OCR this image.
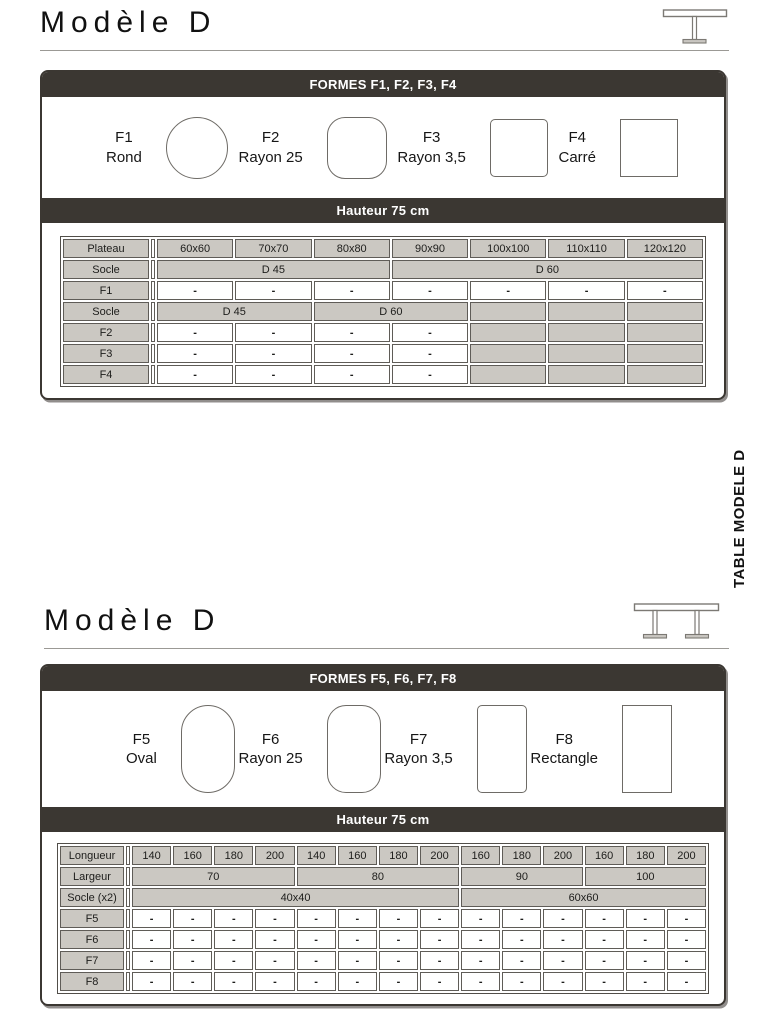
Modèle D
FORMES F1, F2, F3, F4
F1
Rond
F2
Rayon 25
F3
Rayon 3,5
F4
Carré
Hauteur 75 cm
Plateau		60x60	70x70	80x80	90x90	100x100	110x110	120x120
Socle		D 45			D 60			
F1		-	-	-	-	-	-	-
Socle		D 45		D 60				
F2		-	-	-	-			
F3		-	-	-	-			
F4		-	-	-	-			
TABLE MODELE D
Modèle D
FORMES F5, F6, F7, F8
F5
Oval
F6
Rayon 25
F7
Rayon 3,5
F8
Rectangle
Hauteur 75 cm
Longueur		140	160	180	200	140	160	180	200	160	180	200	160	180	200
Largeur		70				80				90			100		
Socle (x2)		40x40								60x60					
F5		-	-	-	-	-	-	-	-	-	-	-	-	-	-
F6		-	-	-	-	-	-	-	-	-	-	-	-	-	-
F7		-	-	-	-	-	-	-	-	-	-	-	-	-	-
F8		-	-	-	-	-	-	-	-	-	-	-	-	-	-
